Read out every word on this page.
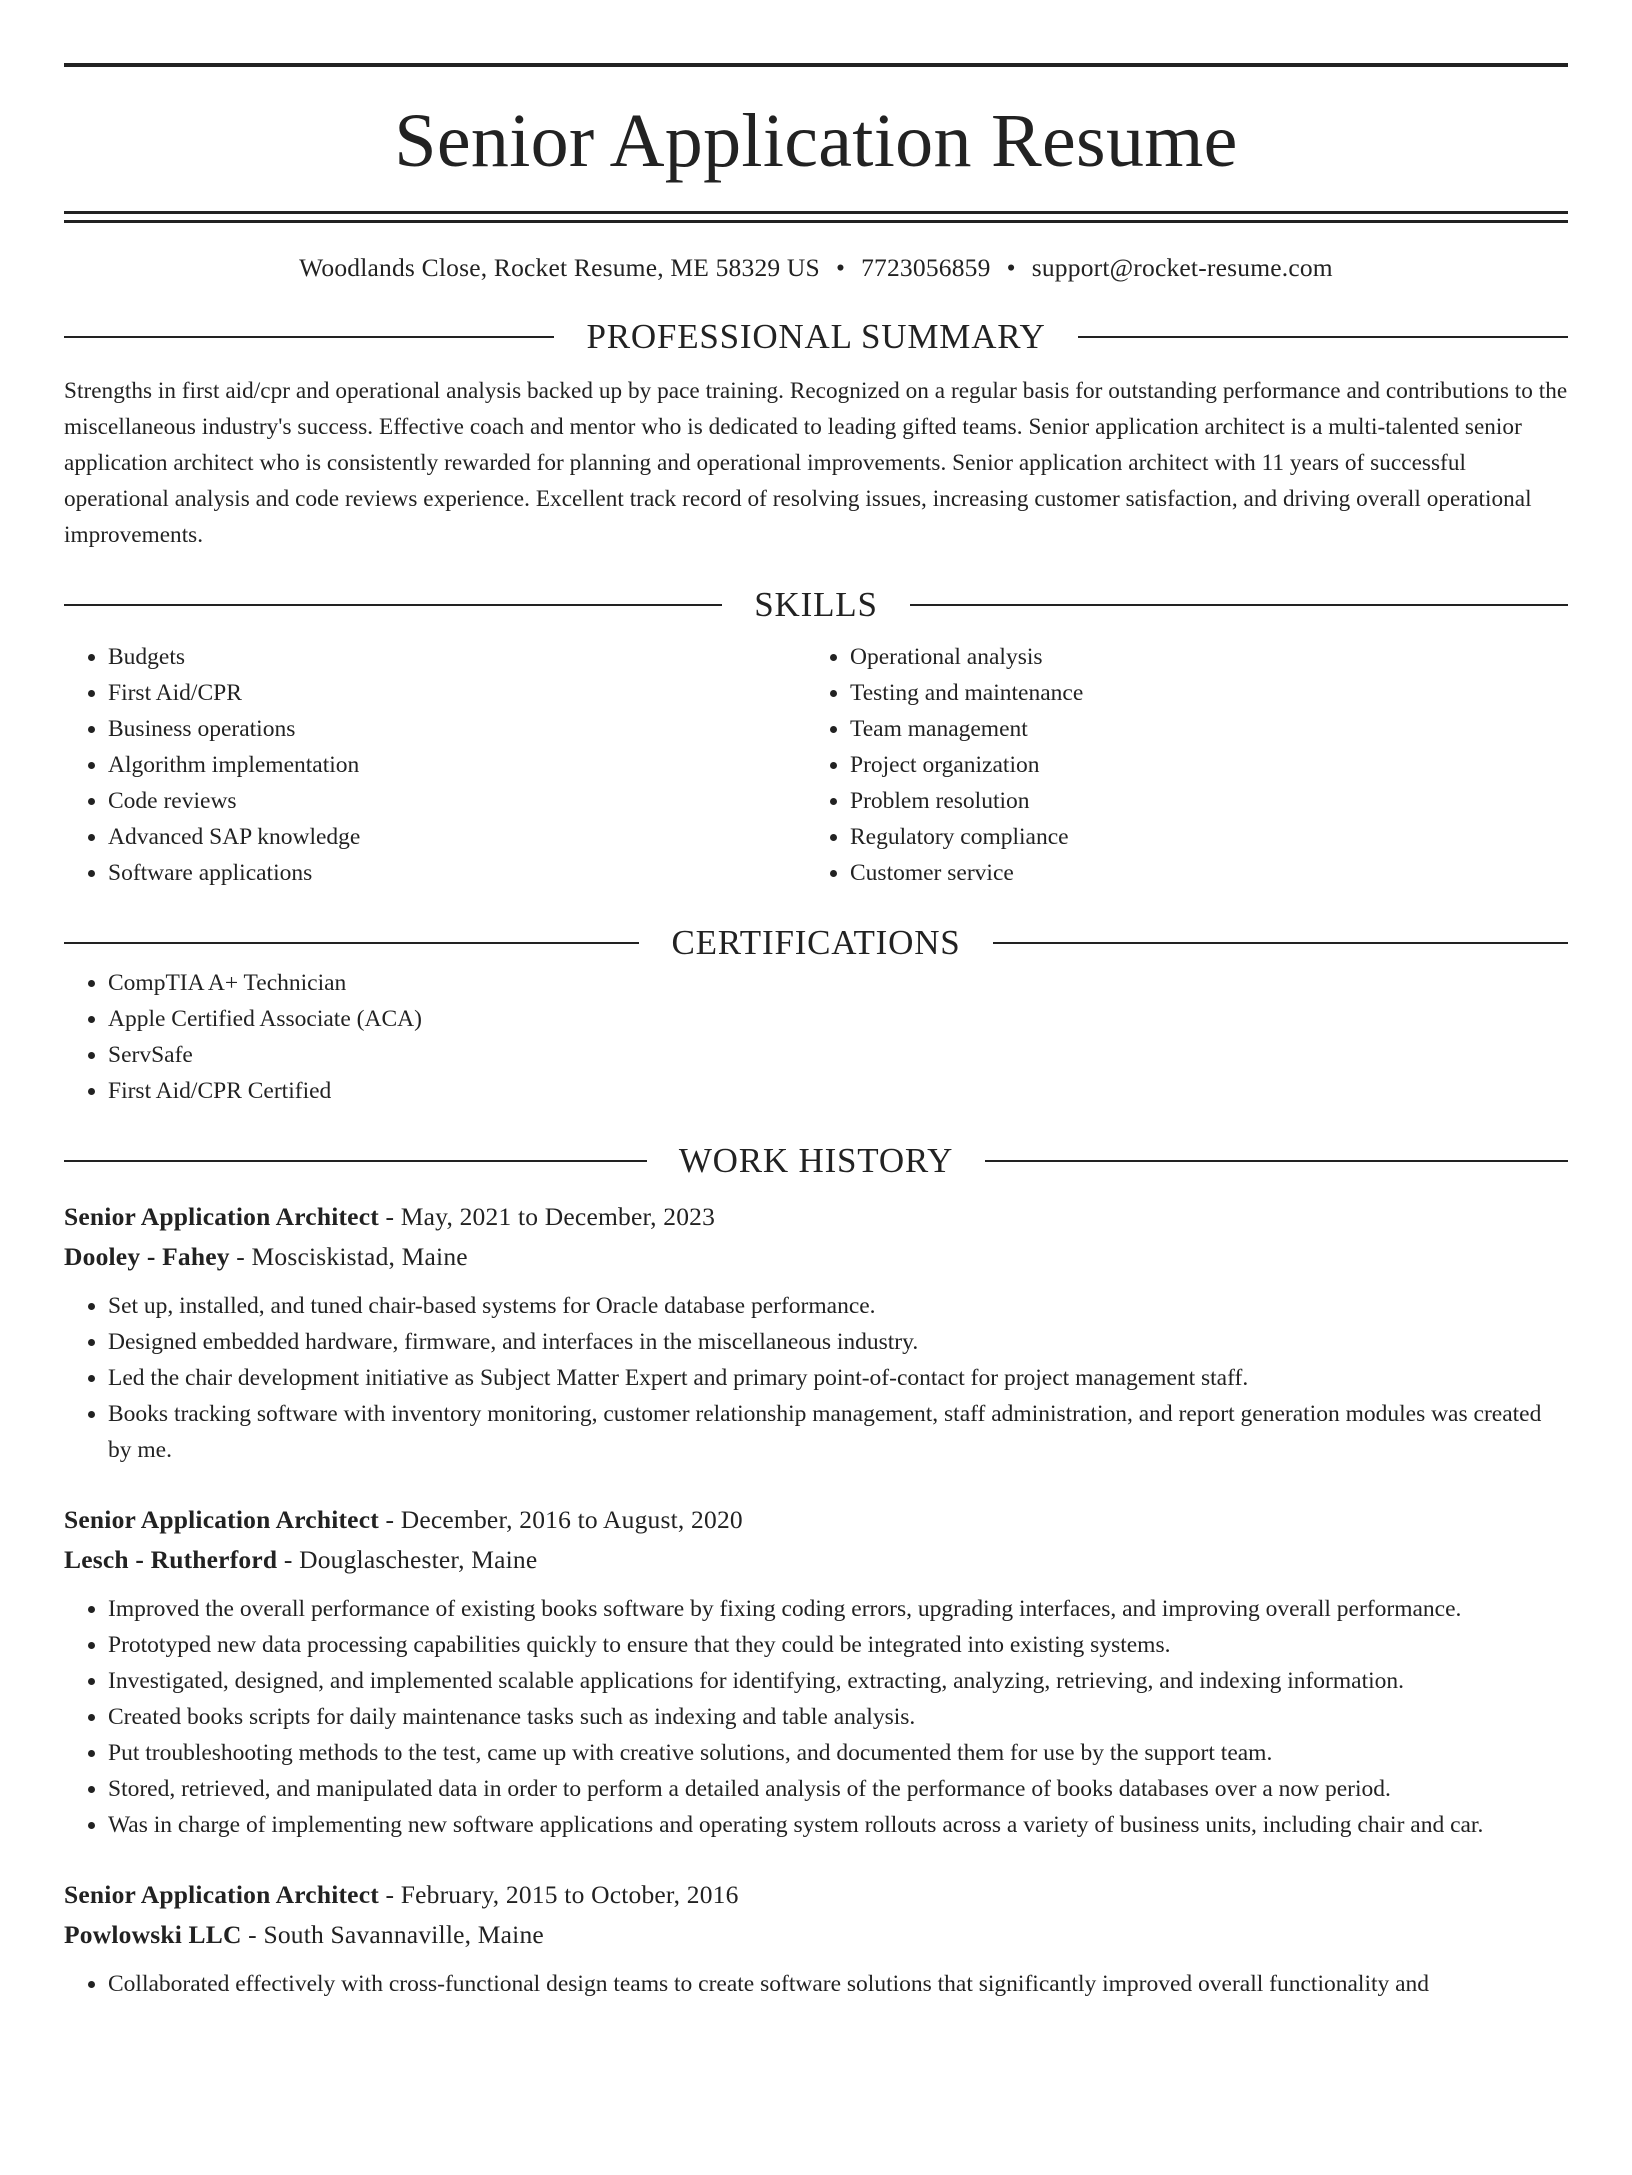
Senior Application Resume
Woodlands Close, Rocket Resume, ME 58329 US • 7723056859 • support@rocket-resume.com
PROFESSIONAL SUMMARY
Strengths in first aid/cpr and operational analysis backed up by pace training. Recognized on a regular basis for outstanding performance and contributions to the miscellaneous industry's success. Effective coach and mentor who is dedicated to leading gifted teams. Senior application architect is a multi-talented senior application architect who is consistently rewarded for planning and operational improvements. Senior application architect with 11 years of successful operational analysis and code reviews experience. Excellent track record of resolving issues, increasing customer satisfaction, and driving overall operational improvements.
SKILLS
• Budgets
• First Aid/CPR
• Business operations
• Algorithm implementation
• Code reviews
• Advanced SAP knowledge
• Software applications
• Operational analysis
• Testing and maintenance
• Team management
• Project organization
• Problem resolution
• Regulatory compliance
• Customer service
CERTIFICATIONS
• CompTIA A+ Technician
• Apple Certified Associate (ACA)
• ServSafe
• First Aid/CPR Certified
WORK HISTORY
Senior Application Architect - May, 2021 to December, 2023
Dooley - Fahey - Mosciskistad, Maine
• Set up, installed, and tuned chair-based systems for Oracle database performance.
• Designed embedded hardware, firmware, and interfaces in the miscellaneous industry.
• Led the chair development initiative as Subject Matter Expert and primary point-of-contact for project management staff.
• Books tracking software with inventory monitoring, customer relationship management, staff administration, and report generation modules was created by me.
Senior Application Architect - December, 2016 to August, 2020
Lesch - Rutherford - Douglaschester, Maine
• Improved the overall performance of existing books software by fixing coding errors, upgrading interfaces, and improving overall performance.
• Prototyped new data processing capabilities quickly to ensure that they could be integrated into existing systems.
• Investigated, designed, and implemented scalable applications for identifying, extracting, analyzing, retrieving, and indexing information.
• Created books scripts for daily maintenance tasks such as indexing and table analysis.
• Put troubleshooting methods to the test, came up with creative solutions, and documented them for use by the support team.
• Stored, retrieved, and manipulated data in order to perform a detailed analysis of the performance of books databases over a now period.
• Was in charge of implementing new software applications and operating system rollouts across a variety of business units, including chair and car.
Senior Application Architect - February, 2015 to October, 2016
Powlowski LLC - South Savannaville, Maine
• Collaborated effectively with cross-functional design teams to create software solutions that significantly improved overall functionality and
